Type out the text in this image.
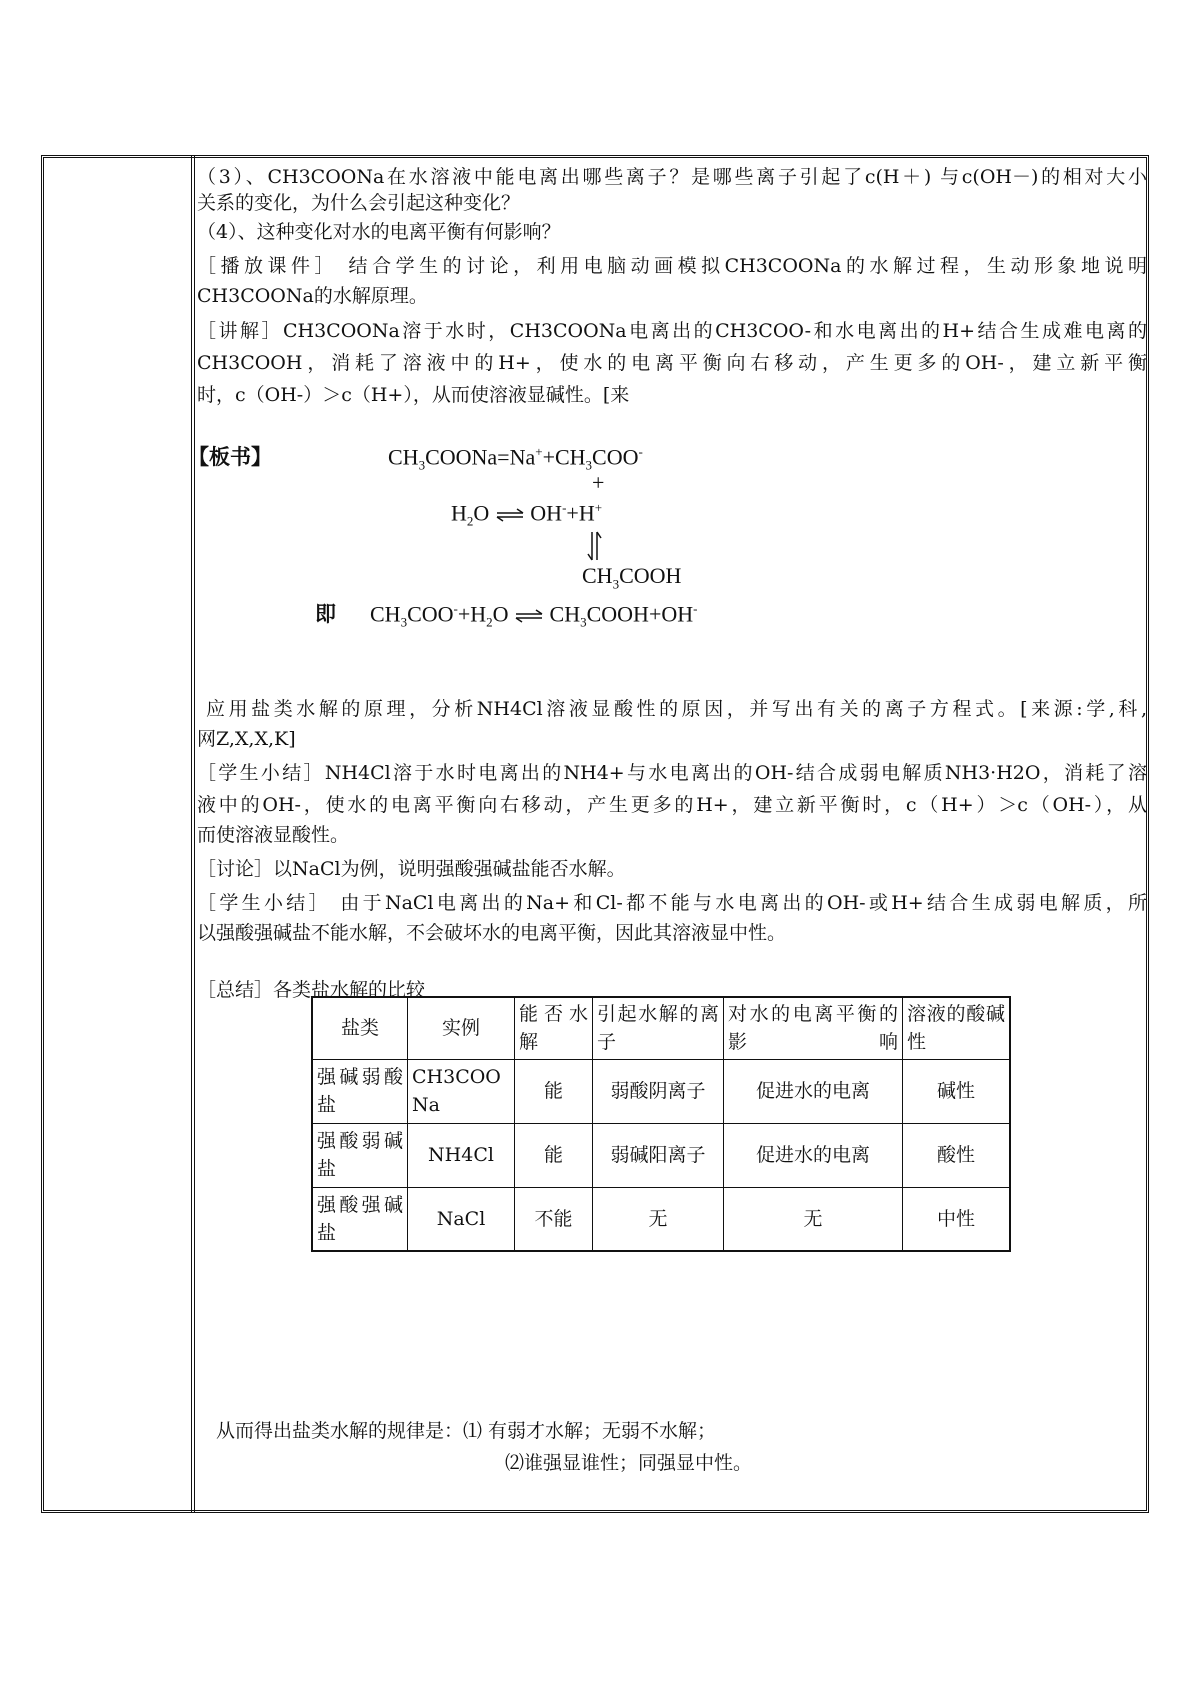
（3）、CH3COONa在水溶液中能电离出哪些离子？是哪些离子引起了c(H＋) 与c(OH－)的相对大小
关系的变化，为什么会引起这种变化？
（4）、这种变化对水的电离平衡有何影响？
［播放课件］ 结合学生的讨论，利用电脑动画模拟CH3COONa的水解过程，生动形象地说明
CH3COONa的水解原理。
［讲解］CH3COONa溶于水时，CH3COONa电离出的CH3COO-和水电离出的H+结合生成难电离的
CH3COOH，消耗了溶液中的H+，使水的电离平衡向右移动，产生更多的OH-，建立新平衡
时，c（OH-）＞c（H+），从而使溶液显碱性。[来
【板书】	$CH_3COONa=Na^++CH_3COO^-$
+
$H_2O$ ⇌ OH-+H+
$CH_3COOH$
即 $CH_3COO^-+H_2O$ ⇌ $CH_3COOH+OH^-$
应用盐类水解的原理，分析NH4Cl溶液显酸性的原因，并写出有关的离子方程式。[来源:学,科,
网Z,X,X,K]
［学生小结］NH4Cl溶于水时电离出的NH4+与水电离出的OH-结合成弱电解质NH3·H2O，消耗了溶
液中的OH-，使水的电离平衡向右移动，产生更多的H+，建立新平衡时，c（H+）＞c（OH-），从
而使溶液显酸性。
［讨论］以NaCl为例，说明强酸强碱盐能否水解。
［学生小结］ 由于NaCl电离出的Na+和Cl-都不能与水电离出的OH-或H+结合生成弱电解质，所
以强酸强碱盐不能水解，不会破坏水的电离平衡，因此其溶液显中性。
［总结］各类盐水解的比较
盐类	实例	能否水解	引起水解的离子	对水的电离平衡的影响	溶液的酸碱性
强碱弱酸盐	CH3COONa	能	弱酸阴离子	促进水的电离	碱性
强酸弱碱盐	NH4Cl	能	弱碱阳离子	促进水的电离	酸性
强酸强碱盐	NaCl	不能	无	无	中性
从而得出盐类水解的规律是：⑴ 有弱才水解；无弱不水解；
⑵谁强显谁性；同强显中性。
